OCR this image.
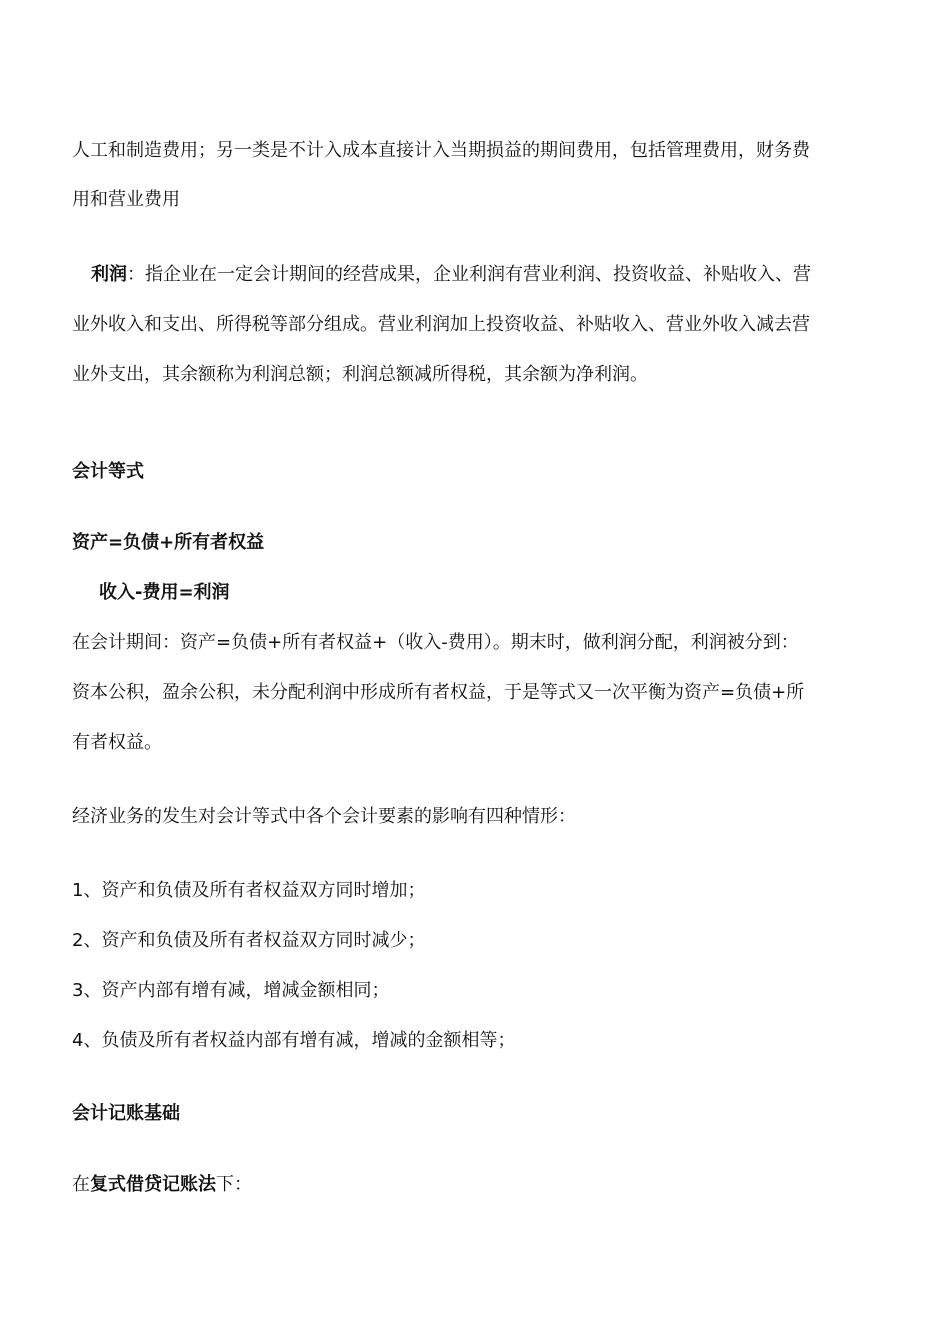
人工和制造费用；另一类是不计入成本直接计入当期损益的期间费用，包括管理费用，财务费
用和营业费用
利润：指企业在一定会计期间的经营成果，企业利润有营业利润、投资收益、补贴收入、营
业外收入和支出、所得税等部分组成。营业利润加上投资收益、补贴收入、营业外收入减去营
业外支出，其余额称为利润总额；利润总额减所得税，其余额为净利润。
会计等式
资产=负债+所有者权益
收入-费用=利润
在会计期间：资产=负债+所有者权益+（收入-费用）。期末时，做利润分配，利润被分到：
资本公积，盈余公积，未分配利润中形成所有者权益，于是等式又一次平衡为资产=负债+所
有者权益。
经济业务的发生对会计等式中各个会计要素的影响有四种情形：
1、资产和负债及所有者权益双方同时增加；
2、资产和负债及所有者权益双方同时减少；
3、资产内部有增有减，增减金额相同；
4、负债及所有者权益内部有增有减，增减的金额相等；
会计记账基础
在复式借贷记账法下：
